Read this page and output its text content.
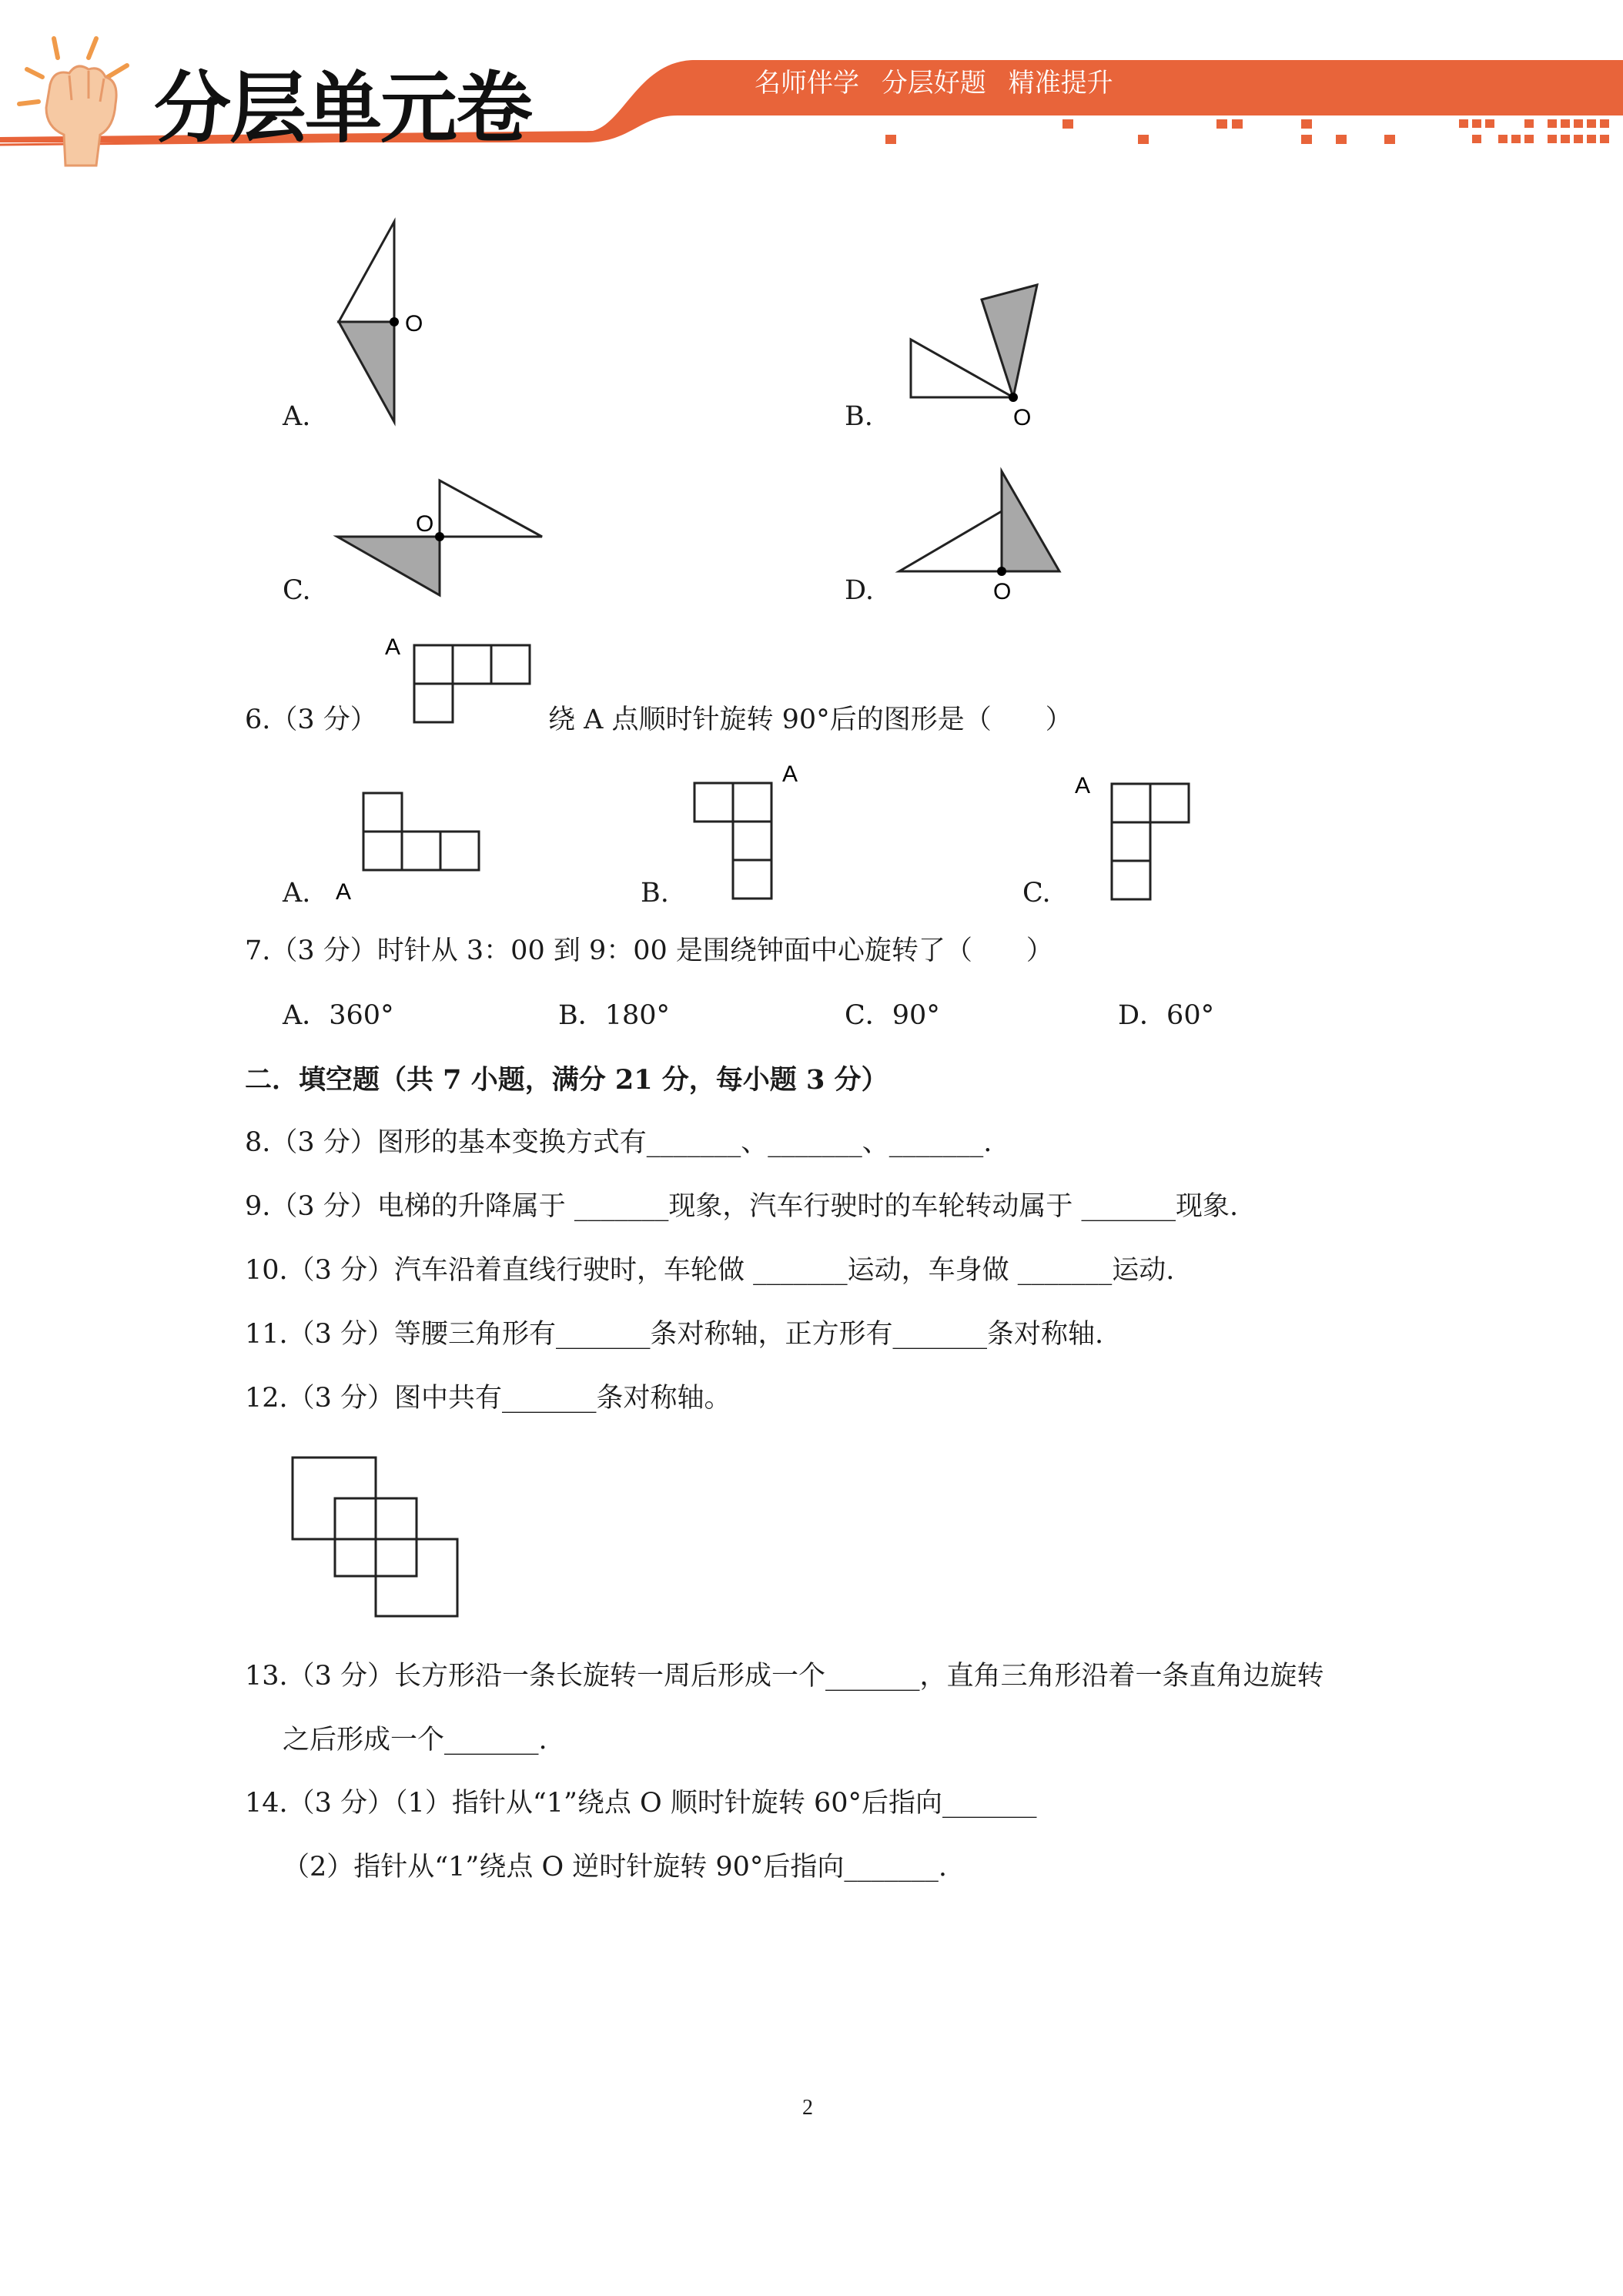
分层单元卷	名师伴学 分层好题 精准提升
A.
O
B.	O
C.
O
D.	O
6.（3 分）
A
绕 A 点顺时针旋转 90°后的图形是（　　）
A. A	B.
A
C.
A
7.（3 分）时针从 3：00 到 9：00 是围绕钟面中心旋转了（　　）
A．360°	B．180°	C．90°	D．60°
二．填空题（共 7 小题，满分 21 分，每小题 3 分）
8.（3 分）图形的基本变换方式有_______、_______、_______.
9.（3 分）电梯的升降属于 _______现象，汽车行驶时的车轮转动属于 _______现象.
10.（3 分）汽车沿着直线行驶时，车轮做 _______运动，车身做 _______运动.
11.（3 分）等腰三角形有_______条对称轴，正方形有_______条对称轴.
12.（3 分）图中共有_______条对称轴。
13.（3 分）长方形沿一条长旋转一周后形成一个_______，直角三角形沿着一条直角边旋转
之后形成一个_______.
14.（3 分）（1）指针从“1”绕点 O 顺时针旋转 60°后指向_______
（2）指针从“1”绕点 O 逆时针旋转 90°后指向_______.
2
